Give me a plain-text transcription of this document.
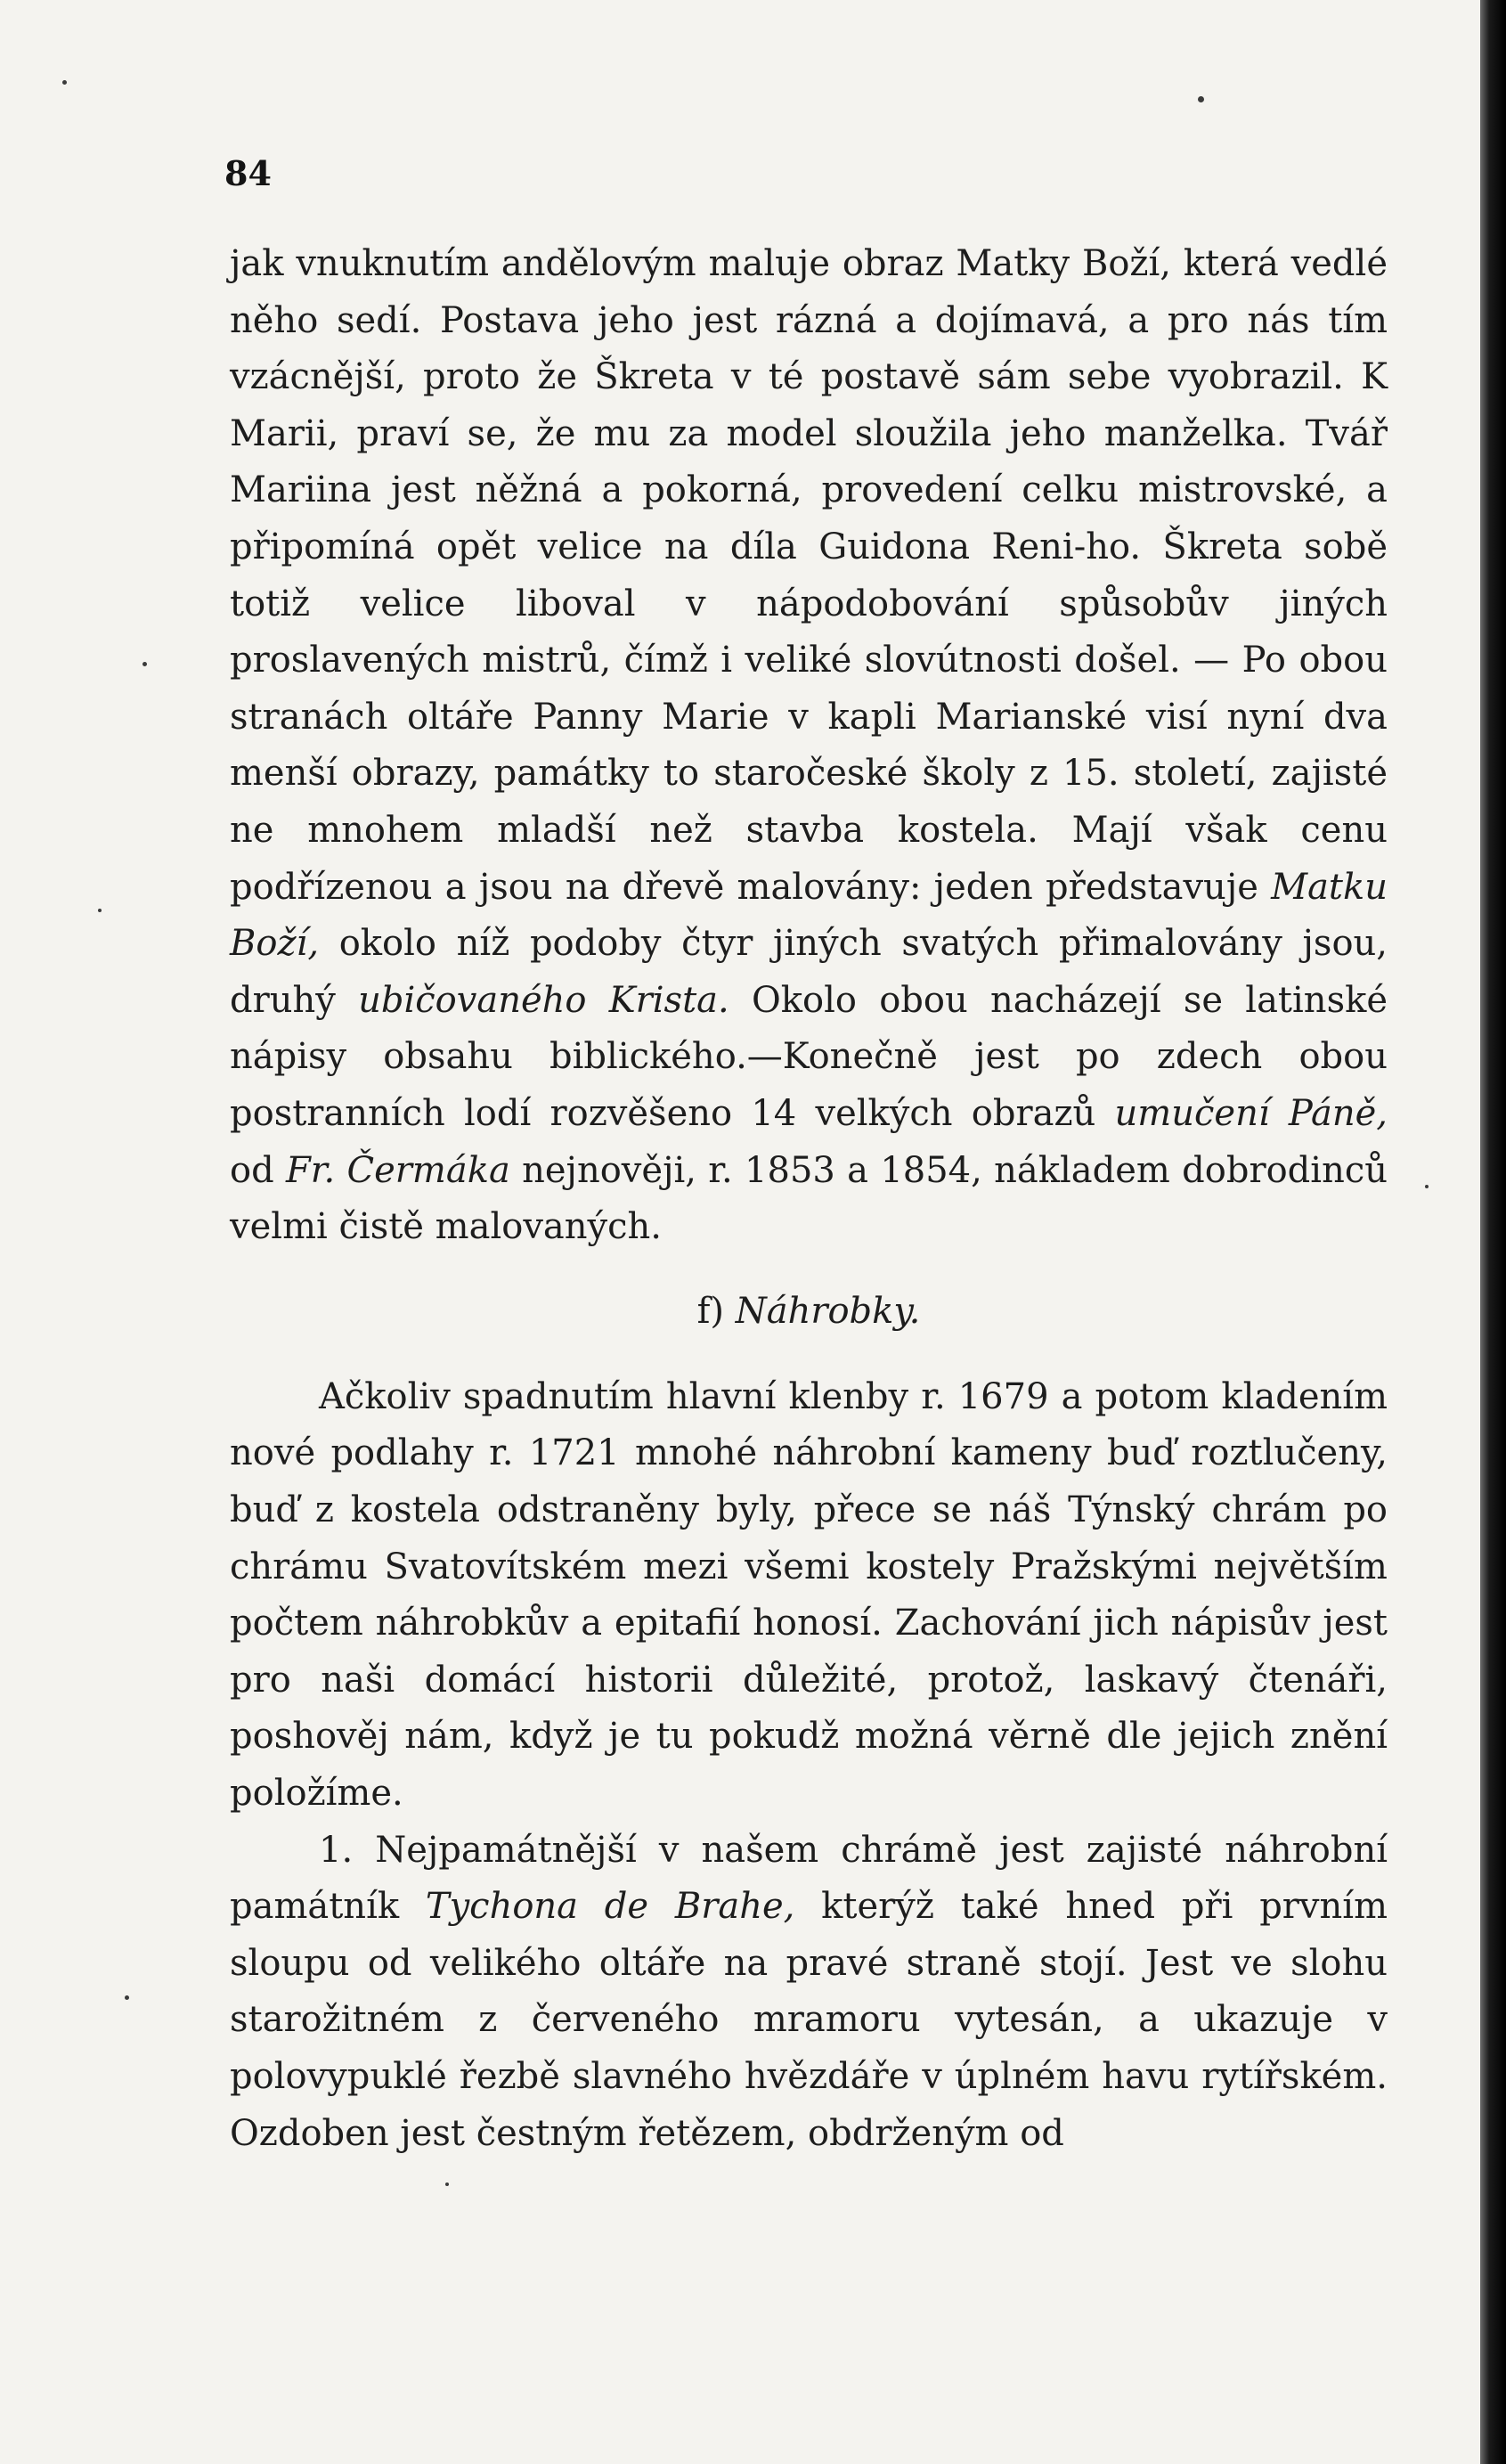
84

jak vnuknutím andělovým maluje obraz Matky Boží, která vedlé něho sedí. Postava jeho jest rázná a dojímavá, a pro nás tím vzácnější, proto že Škreta v té postavě sám sebe vyobrazil. K Marii, praví se, že mu za model sloužila jeho manželka. Tvář Mariina jest něžná a pokorná, provedení celku mistrovské, a připomíná opět velice na díla Guidona Reni-ho. Škreta sobě totiž velice liboval v nápodobování spůsobův jiných proslavených mistrů, čímž i veliké slovútnosti došel. — Po obou stranách oltáře Panny Marie v kapli Marianské visí nyní dva menší obrazy, památky to staročeské školy z 15. století, zajisté ne mnohem mladší než stavba kostela. Mají však cenu podřízenou a jsou na dřevě malovány: jeden představuje Matku Boží, okolo níž podoby čtyr jiných svatých přimalovány jsou, druhý ubičovaného Krista. Okolo obou nacházejí se latinské nápisy obsahu biblického.—Konečně jest po zdech obou postranních lodí rozvěšeno 14 velkých obrazů umučení Páně, od Fr. Čermáka nejnověji, r. 1853 a 1854, nákladem dobrodinců velmi čistě malovaných.

f) Náhrobky.

Ačkoliv spadnutím hlavní klenby r. 1679 a potom kladením nové podlahy r. 1721 mnohé náhrobní kameny buď roztlučeny, buď z kostela odstraněny byly, přece se náš Týnský chrám po chrámu Svatovítském mezi všemi kostely Pražskými největším počtem náhrobkův a epitafií honosí. Zachování jich nápisův jest pro naši domácí historii důležité, protož, laskavý čtenáři, poshověj nám, když je tu pokudž možná věrně dle jejich znění položíme.

1. Nejpamátnější v našem chrámě jest zajisté náhrobní památník Tychona de Brahe, kterýž také hned při prvním sloupu od velikého oltáře na pravé straně stojí. Jest ve slohu starožitném z červeného mramoru vytesán, a ukazuje v polovypuklé řezbě slavného hvězdáře v úplném havu rytířském. Ozdoben jest čestným řetězem, obdrženým od
